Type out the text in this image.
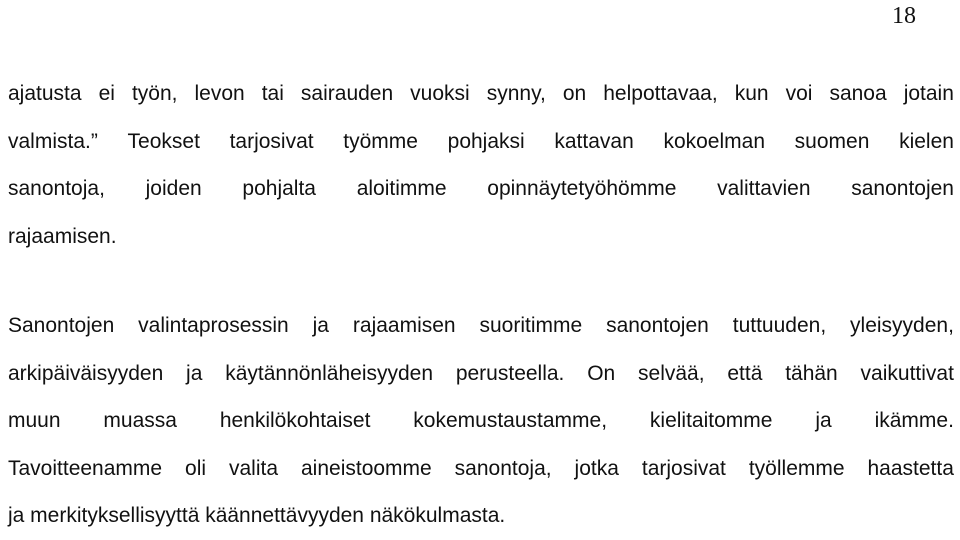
18
ajatusta ei työn, levon tai sairauden vuoksi synny, on helpottavaa, kun voi sanoa jotain
valmista.” Teokset tarjosivat työmme pohjaksi kattavan kokoelman suomen kielen
sanontoja, joiden pohjalta aloitimme opinnäytetyöhömme valittavien sanontojen
rajaamisen.
Sanontojen valintaprosessin ja rajaamisen suoritimme sanontojen tuttuuden, yleisyyden,
arkipäiväisyyden ja käytännönläheisyyden perusteella. On selvää, että tähän vaikuttivat
muun muassa henkilökohtaiset kokemustaustamme, kielitaitomme ja ikämme.
Tavoitteenamme oli valita aineistoomme sanontoja, jotka tarjosivat työllemme haastetta
ja merkityksellisyyttä käännettävyyden näkökulmasta.
